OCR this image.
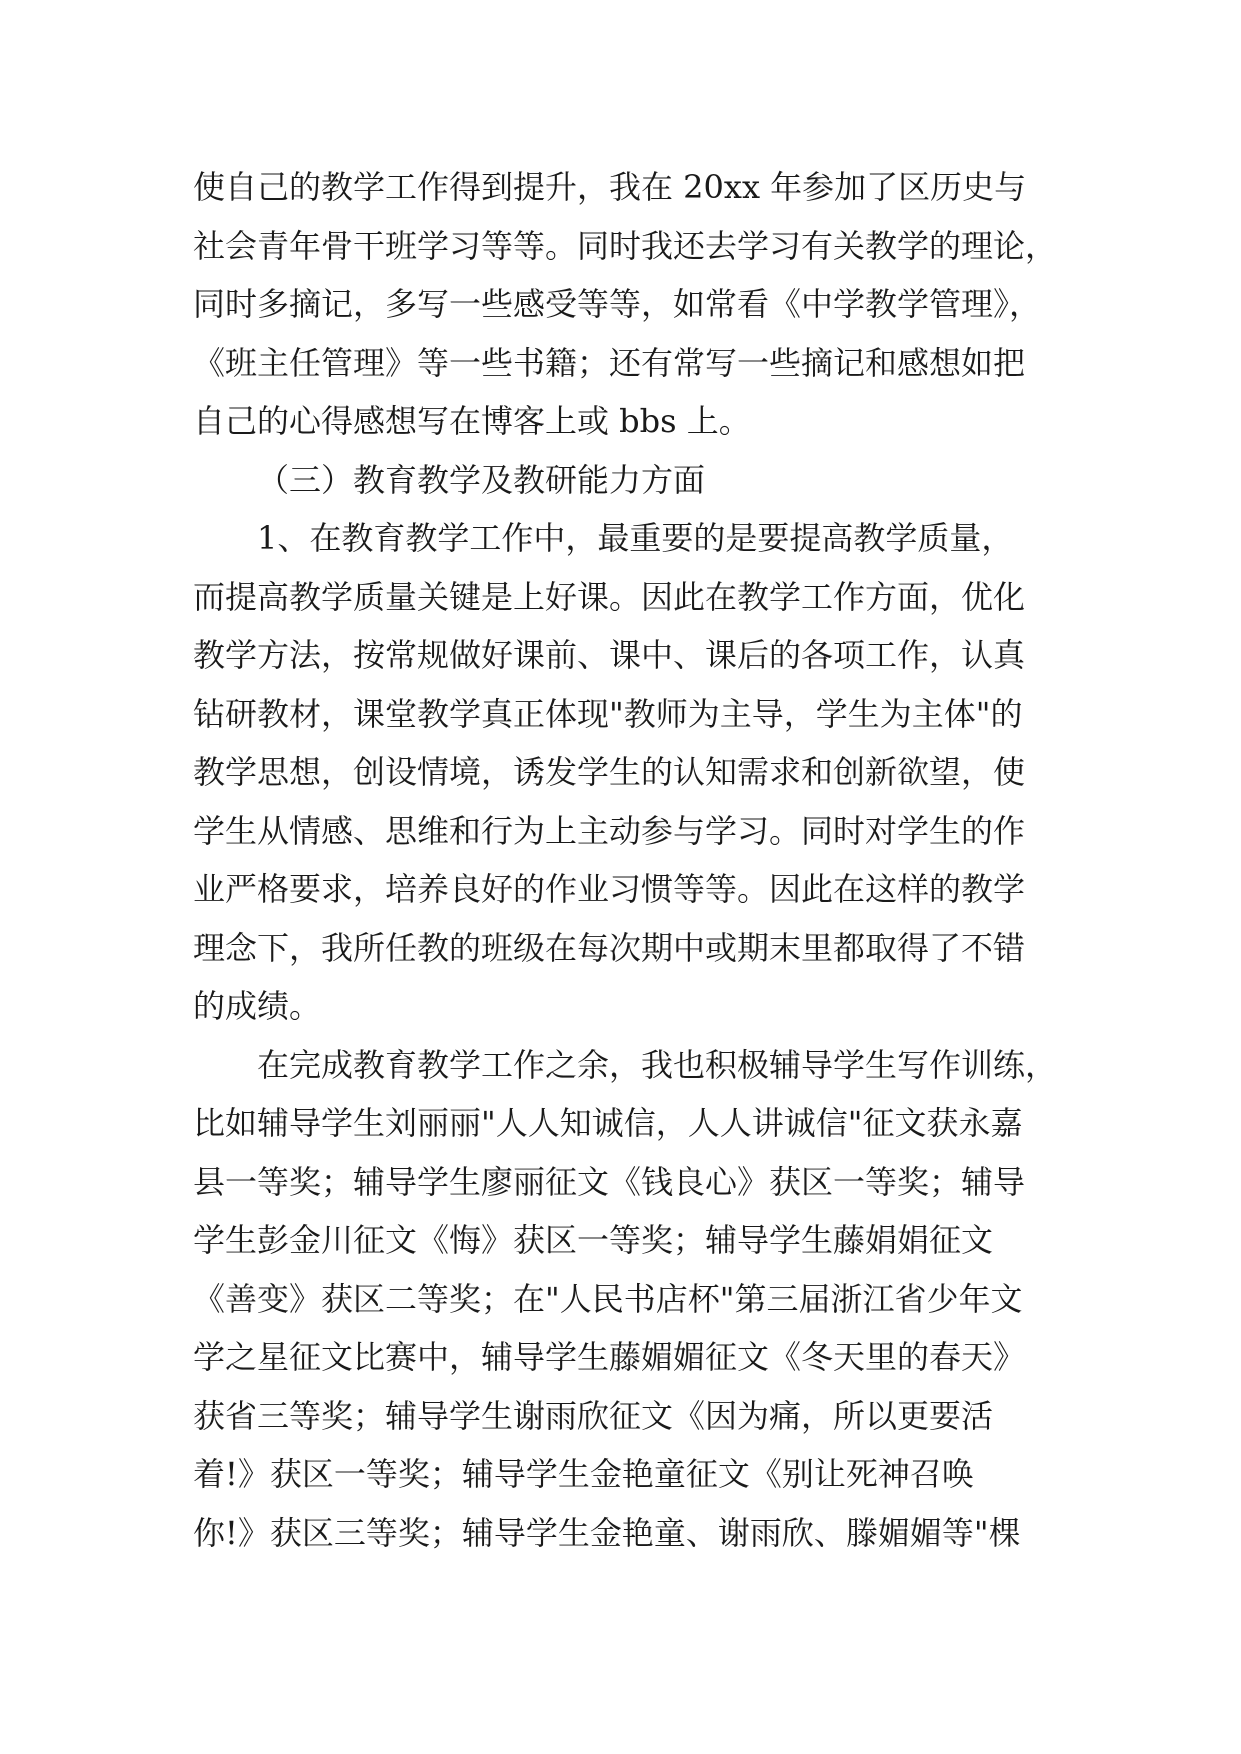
使自己的教学工作得到提升，我在 20xx 年参加了区历史与
社会青年骨干班学习等等。同时我还去学习有关教学的理论，
同时多摘记，多写一些感受等等，如常看《中学教学管理》，
《班主任管理》等一些书籍；还有常写一些摘记和感想如把
自己的心得感想写在博客上或 bbs 上。
（三）教育教学及教研能力方面
1、在教育教学工作中，最重要的是要提高教学质量，
而提高教学质量关键是上好课。因此在教学工作方面，优化
教学方法，按常规做好课前、课中、课后的各项工作，认真
钻研教材，课堂教学真正体现"教师为主导，学生为主体"的
教学思想，创设情境，诱发学生的认知需求和创新欲望，使
学生从情感、思维和行为上主动参与学习。同时对学生的作
业严格要求，培养良好的作业习惯等等。因此在这样的教学
理念下，我所任教的班级在每次期中或期末里都取得了不错
的成绩。
在完成教育教学工作之余，我也积极辅导学生写作训练，
比如辅导学生刘丽丽"人人知诚信，人人讲诚信"征文获永嘉
县一等奖；辅导学生廖丽征文《钱良心》获区一等奖；辅导
学生彭金川征文《悔》获区一等奖；辅导学生藤娟娟征文
《善变》获区二等奖；在"人民书店杯"第三届浙江省少年文
学之星征文比赛中，辅导学生藤媚媚征文《冬天里的春天》
获省三等奖；辅导学生谢雨欣征文《因为痛，所以更要活
着!》获区一等奖；辅导学生金艳童征文《别让死神召唤
你!》获区三等奖；辅导学生金艳童、谢雨欣、滕媚媚等"棵
